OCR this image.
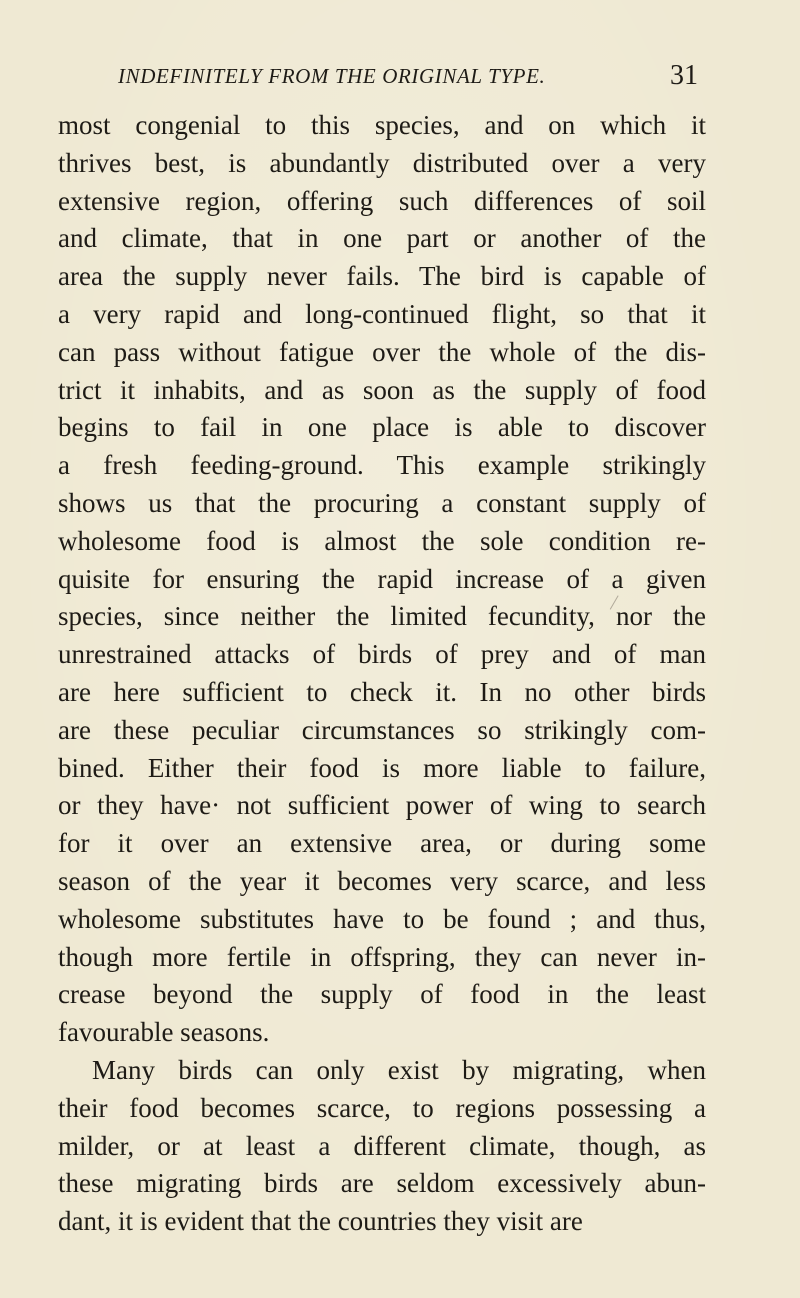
INDEFINITELY FROM THE ORIGINAL TYPE.	31
most congenial to this species, and on which it
thrives best, is abundantly distributed over a very
extensive region, offering such differences of soil
and climate, that in one part or another of the
area the supply never fails. The bird is capable of
a very rapid and long-continued flight, so that it
can pass without fatigue over the whole of the dis-
trict it inhabits, and as soon as the supply of food
begins to fail in one place is able to discover
a fresh feeding-ground. This example strikingly
shows us that the procuring a constant supply of
wholesome food is almost the sole condition re-
quisite for ensuring the rapid increase of a given
species, since neither the limited fecundity, nor the
unrestrained attacks of birds of prey and of man
are here sufficient to check it. In no other birds
are these peculiar circumstances so strikingly com-
bined. Either their food is more liable to failure,
or they have· not sufficient power of wing to search
for it over an extensive area, or during some
season of the year it becomes very scarce, and less
wholesome substitutes have to be found ; and thus,
though more fertile in offspring, they can never in-
crease beyond the supply of food in the least
favourable seasons.
Many birds can only exist by migrating, when
their food becomes scarce, to regions possessing a
milder, or at least a different climate, though, as
these migrating birds are seldom excessively abun-
dant, it is evident that the countries they visit are
